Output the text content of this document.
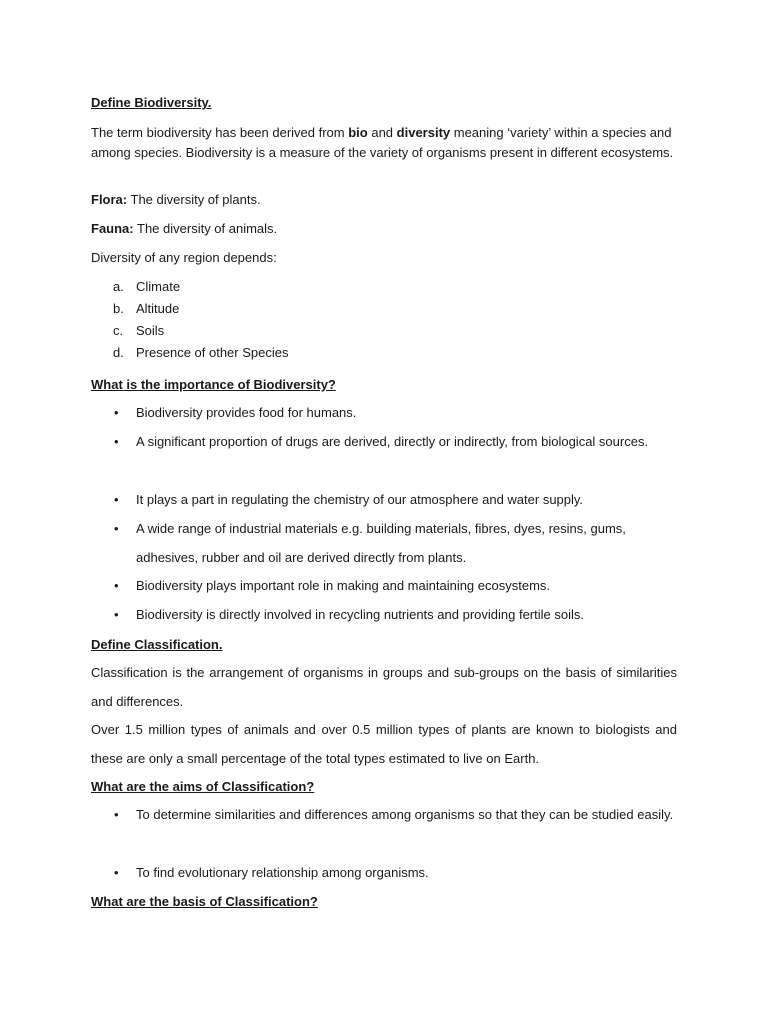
Define Biodiversity.

The term biodiversity has been derived from bio and diversity meaning ‘variety’ within a species and among species. Biodiversity is a measure of the variety of organisms present in different ecosystems.

Flora: The diversity of plants.

Fauna: The diversity of animals.

Diversity of any region depends:

a. Climate
b. Altitude
c. Soils
d. Presence of other Species

What is the importance of Biodiversity?

• Biodiversity provides food for humans.
• A significant proportion of drugs are derived, directly or indirectly, from biological sources.
• It plays a part in regulating the chemistry of our atmosphere and water supply.
• A wide range of industrial materials e.g. building materials, fibres, dyes, resins, gums, adhesives, rubber and oil are derived directly from plants.
• Biodiversity plays important role in making and maintaining ecosystems.
• Biodiversity is directly involved in recycling nutrients and providing fertile soils.

Define Classification.

Classification is the arrangement of organisms in groups and sub-groups on the basis of similarities and differences.

Over 1.5 million types of animals and over 0.5 million types of plants are known to biologists and these are only a small percentage of the total types estimated to live on Earth.

What are the aims of Classification?

• To determine similarities and differences among organisms so that they can be studied easily.
• To find evolutionary relationship among organisms.

What are the basis of Classification?
